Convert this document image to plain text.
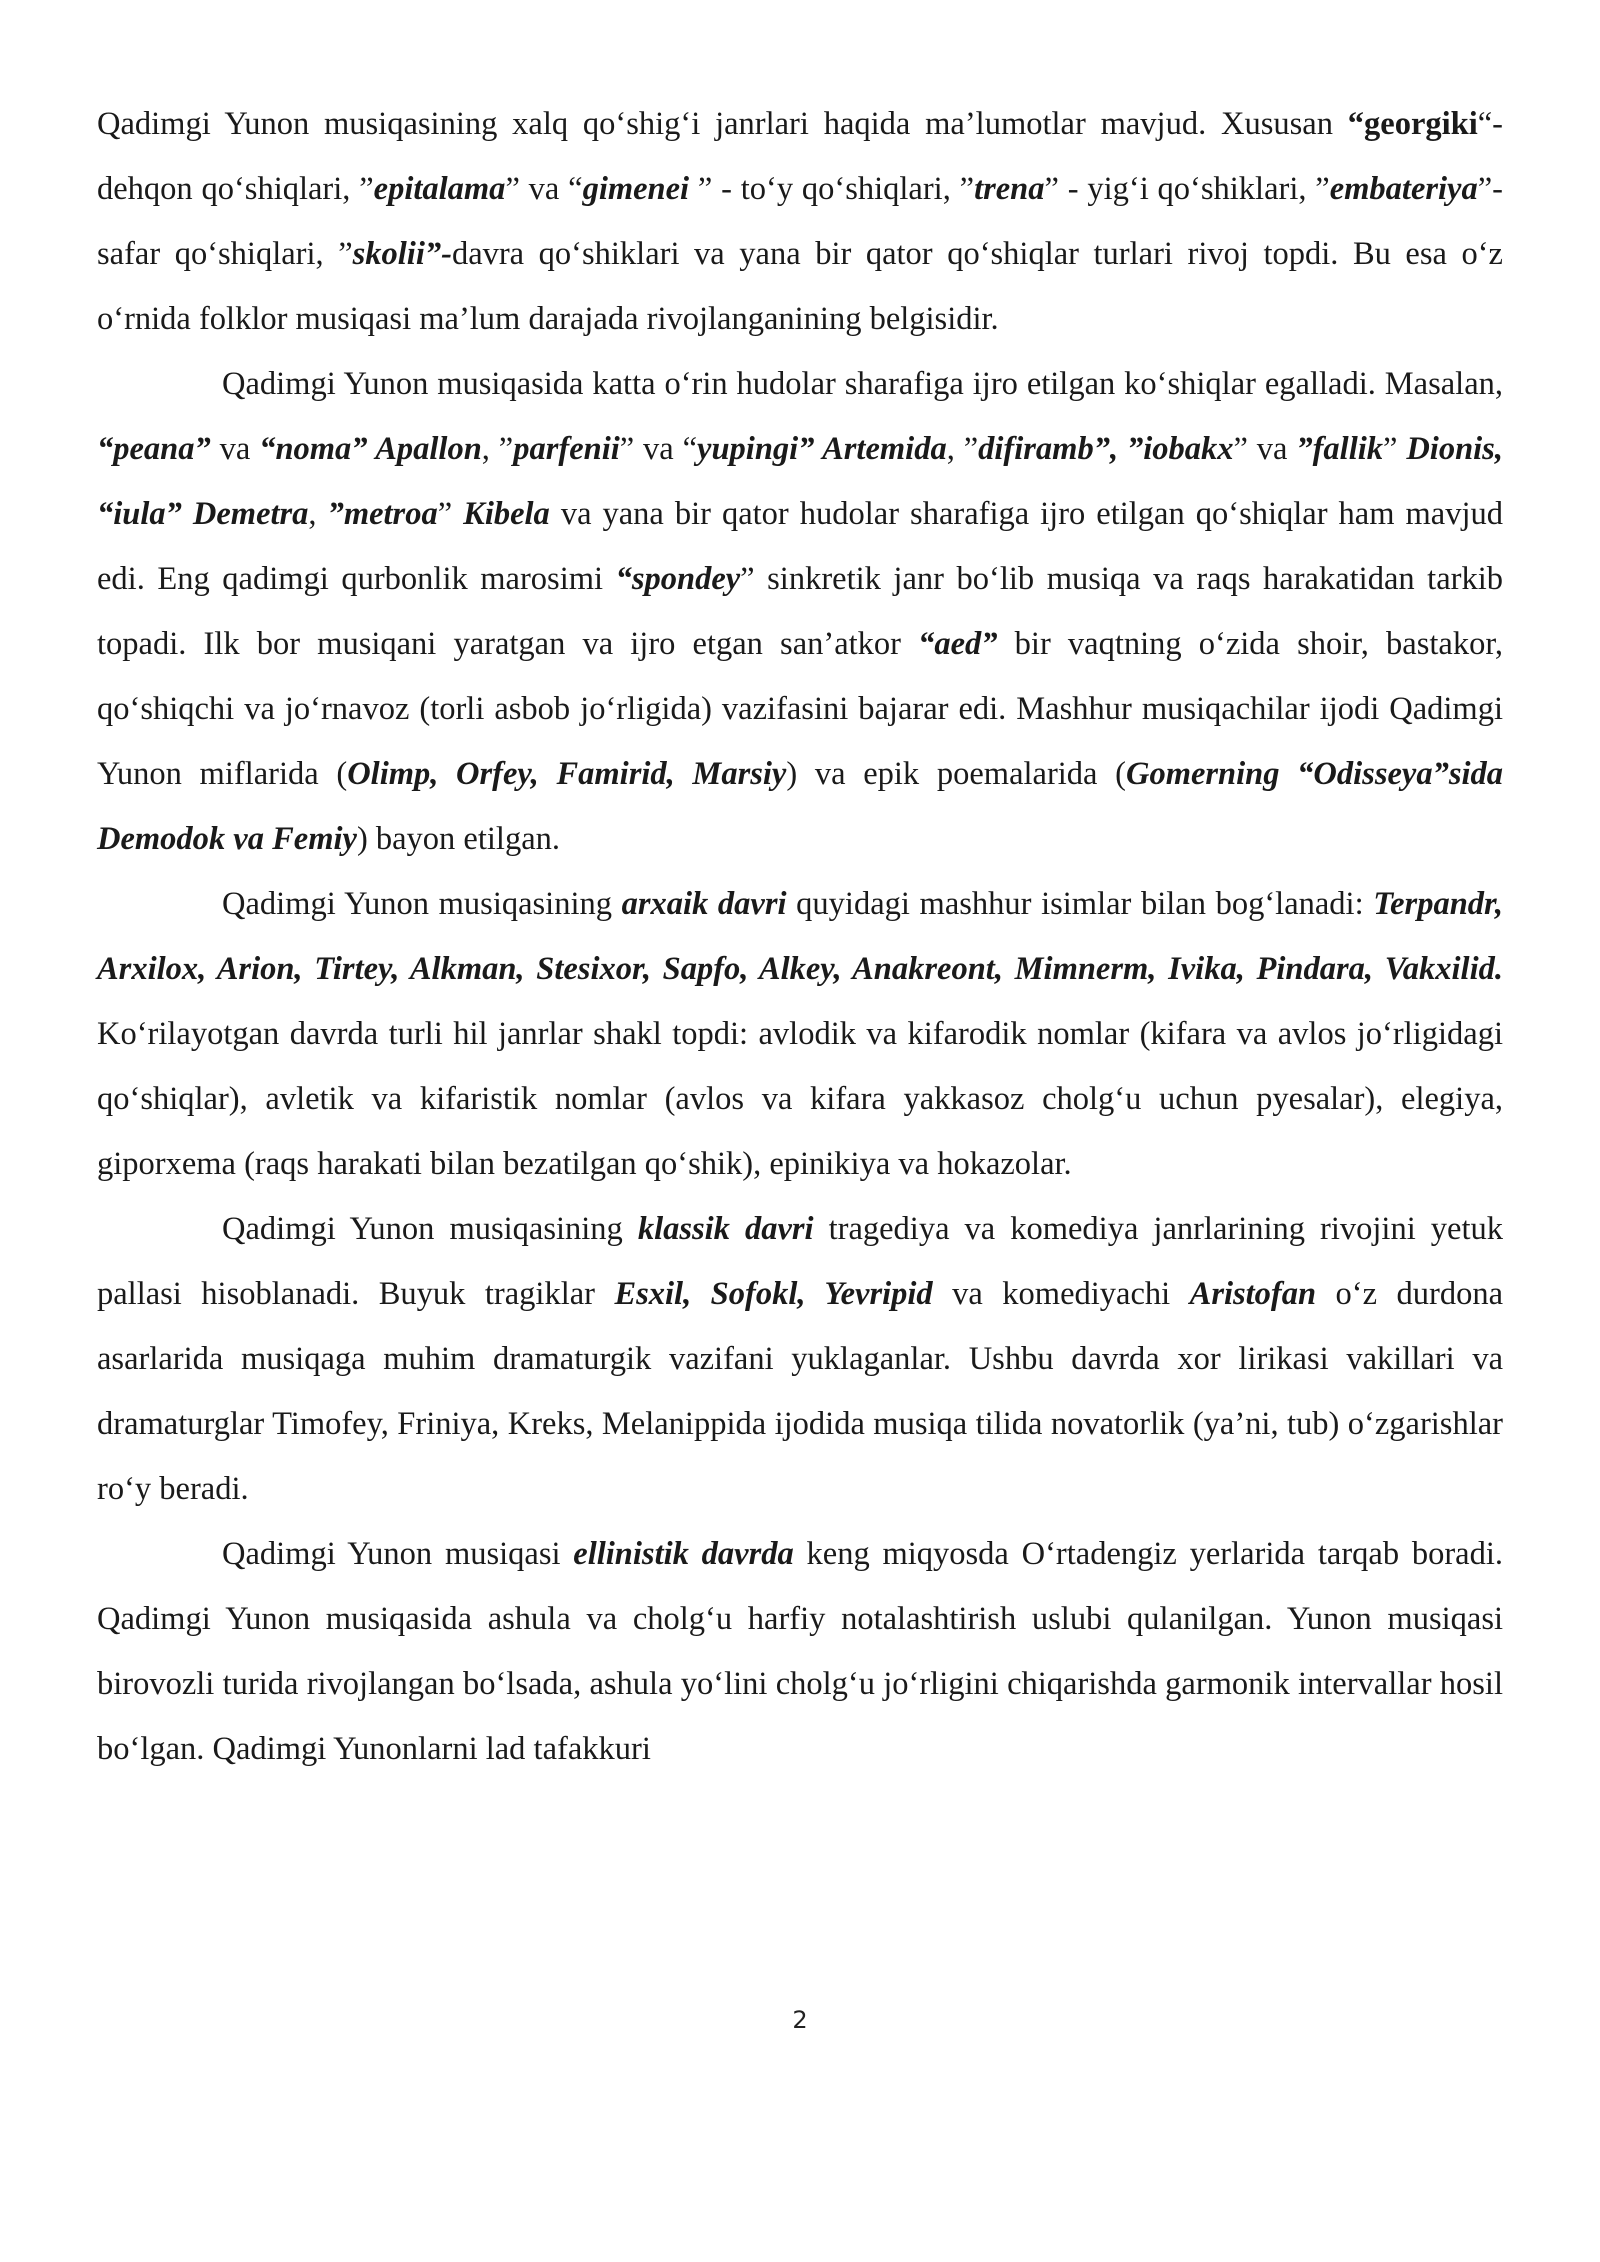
Qadimgi Yunon musiqasining xalq qo‘shig‘i janrlari haqida ma’lumotlar mavjud. Xususan “georgiki“- dehqon qo‘shiqlari, ”epitalama” va “gimenei ” - to‘y qo‘shiqlari, ”trena” - yig‘i qo‘shiklari, ”embateriya”- safar qo‘shiqlari, ”skolii”-davra qo‘shiklari va yana bir qator qo‘shiqlar turlari rivoj topdi. Bu esa o‘z o‘rnida folklor musiqasi ma’lum darajada rivojlanganining belgisidir.

Qadimgi Yunon musiqasida katta o‘rin hudolar sharafiga ijro etilgan ko‘shiqlar egalladi. Masalan, “peana” va “noma” Apallon, ”parfenii” va “yupingi” Artemida, ”difiramb”, ”iobakx” va ”fallik” Dionis, “iula” Demetra, ”metroa” Kibela va yana bir qator hudolar sharafiga ijro etilgan qo‘shiqlar ham mavjud edi. Eng qadimgi qurbonlik marosimi “spondey” sinkretik janr bo‘lib musiqa va raqs harakatidan tarkib topadi. Ilk bor musiqani yaratgan va ijro etgan san’atkor “aed” bir vaqtning o‘zida shoir, bastakor, qo‘shiqchi va jo‘rnavoz (torli asbob jo‘rligida) vazifasini bajarar edi. Mashhur musiqachilar ijodi Qadimgi Yunon miflarida (Olimp, Orfey, Famirid, Marsiy) va epik poemalarida (Gomerning “Odisseya”sida Demodok va Femiy) bayon etilgan.

Qadimgi Yunon musiqasining arxaik davri quyidagi mashhur isimlar bilan bog‘lanadi: Terpandr, Arxilox, Arion, Tirtey, Alkman, Stesixor, Sapfo, Alkey, Anakreont, Mimnerm, Ivika, Pindara, Vakxilid. Ko‘rilayotgan davrda turli hil janrlar shakl topdi: avlodik va kifarodik nomlar (kifara va avlos jo‘rligidagi qo‘shiqlar), avletik va kifaristik nomlar (avlos va kifara yakkasoz cholg‘u uchun pyesalar), elegiya, giporxema (raqs harakati bilan bezatilgan qo‘shik), epinikiya va hokazolar.

Qadimgi Yunon musiqasining klassik davri tragediya va komediya janrlarining rivojini yetuk pallasi hisoblanadi. Buyuk tragiklar Esxil, Sofokl, Yevripid va komediyachi Aristofan o‘z durdona asarlarida musiqaga muhim dramaturgik vazifani yuklaganlar. Ushbu davrda xor lirikasi vakillari va dramaturglar Timofey, Friniya, Kreks, Melanippida ijodida musiqa tilida novatorlik (ya’ni, tub) o‘zgarishlar ro‘y beradi.

Qadimgi Yunon musiqasi ellinistik davrda keng miqyosda O‘rtadengiz yerlarida tarqab boradi. Qadimgi Yunon musiqasida ashula va cholg‘u harfiy notalashtirish uslubi qulanilgan. Yunon musiqasi birovozli turida rivojlangan bo‘lsada, ashula yo‘lini cholg‘u jo‘rligini chiqarishda garmonik intervallar hosil bo‘lgan. Qadimgi Yunonlarni lad tafakkuri

2
